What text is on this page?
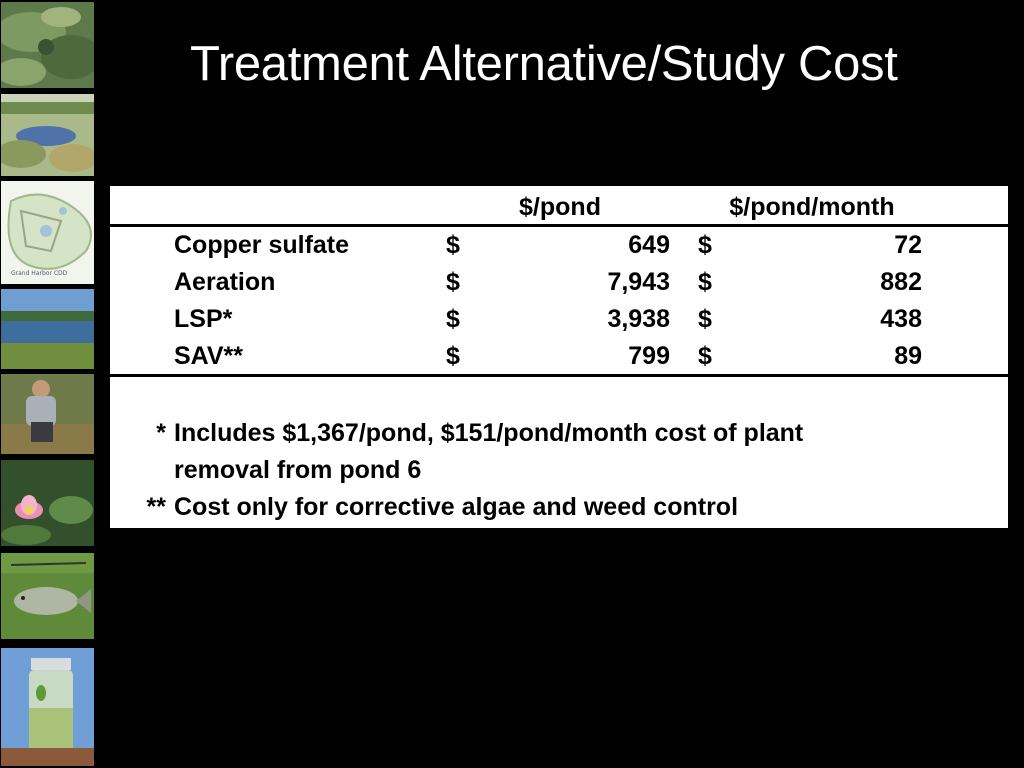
Grand Harbor CDD
Treatment Alternative/Study Cost
$/pond	$/pond/month
Copper sulfate	$	649 $	72
Aeration	$	7,943 $	882
LSP*	$	3,938 $	438
SAV**	$	799 $	89
* Includes $1,367/pond, $151/pond/month cost of plant
removal from pond 6
** Cost only for corrective algae and weed control
